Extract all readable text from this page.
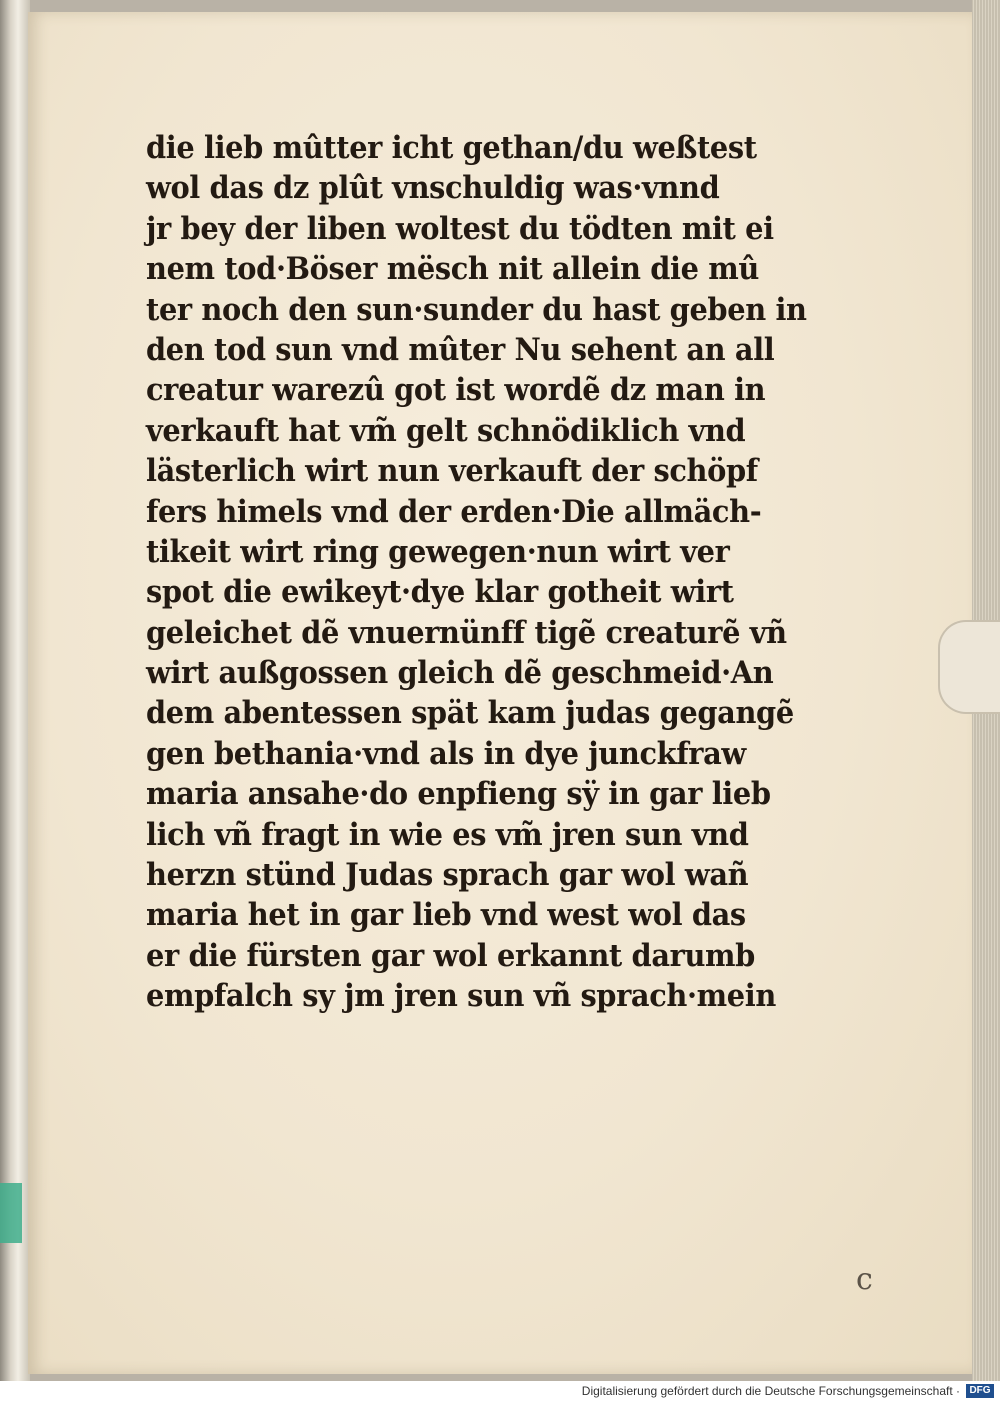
die lieb mûtter icht gethan/du weßtest
wol das dz plût vnschuldig was·vnnd
jr bey der liben woltest du tödten mit ei
nem tod·Böser mësch nit allein die mû
ter noch den sun·sunder du hast geben in
den tod sun vnd mûter Nu sehent an all
creatur warezû got ist wordẽ dz man in
verkauft hat vm̃ gelt schnödiklich vnd
lästerlich wirt nun verkauft der schöpf
fers himels vnd der erden·Die allmäch-
tikeit wirt ring gewegen·nun wirt ver
spot die ewikeyt·dye klar gotheit wirt
geleichet dẽ vnuernünff tigẽ creaturẽ vñ
wirt außgossen gleich dẽ geschmeid·An
dem abentessen spät kam judas gegangẽ
gen bethania·vnd als in dye junckfraw
maria ansahe·do enpfieng sÿ in gar lieb
lich vñ fragt in wie es vm̃ jren sun vnd
herzn stünd Judas sprach gar wol wañ
maria het in gar lieb vnd west wol das
er die fürsten gar wol erkannt darumb
empfalch sy jm jren sun vñ sprach·mein
c
Digitalisierung gefördert durch die Deutsche Forschungsgemeinschaft · DFG
